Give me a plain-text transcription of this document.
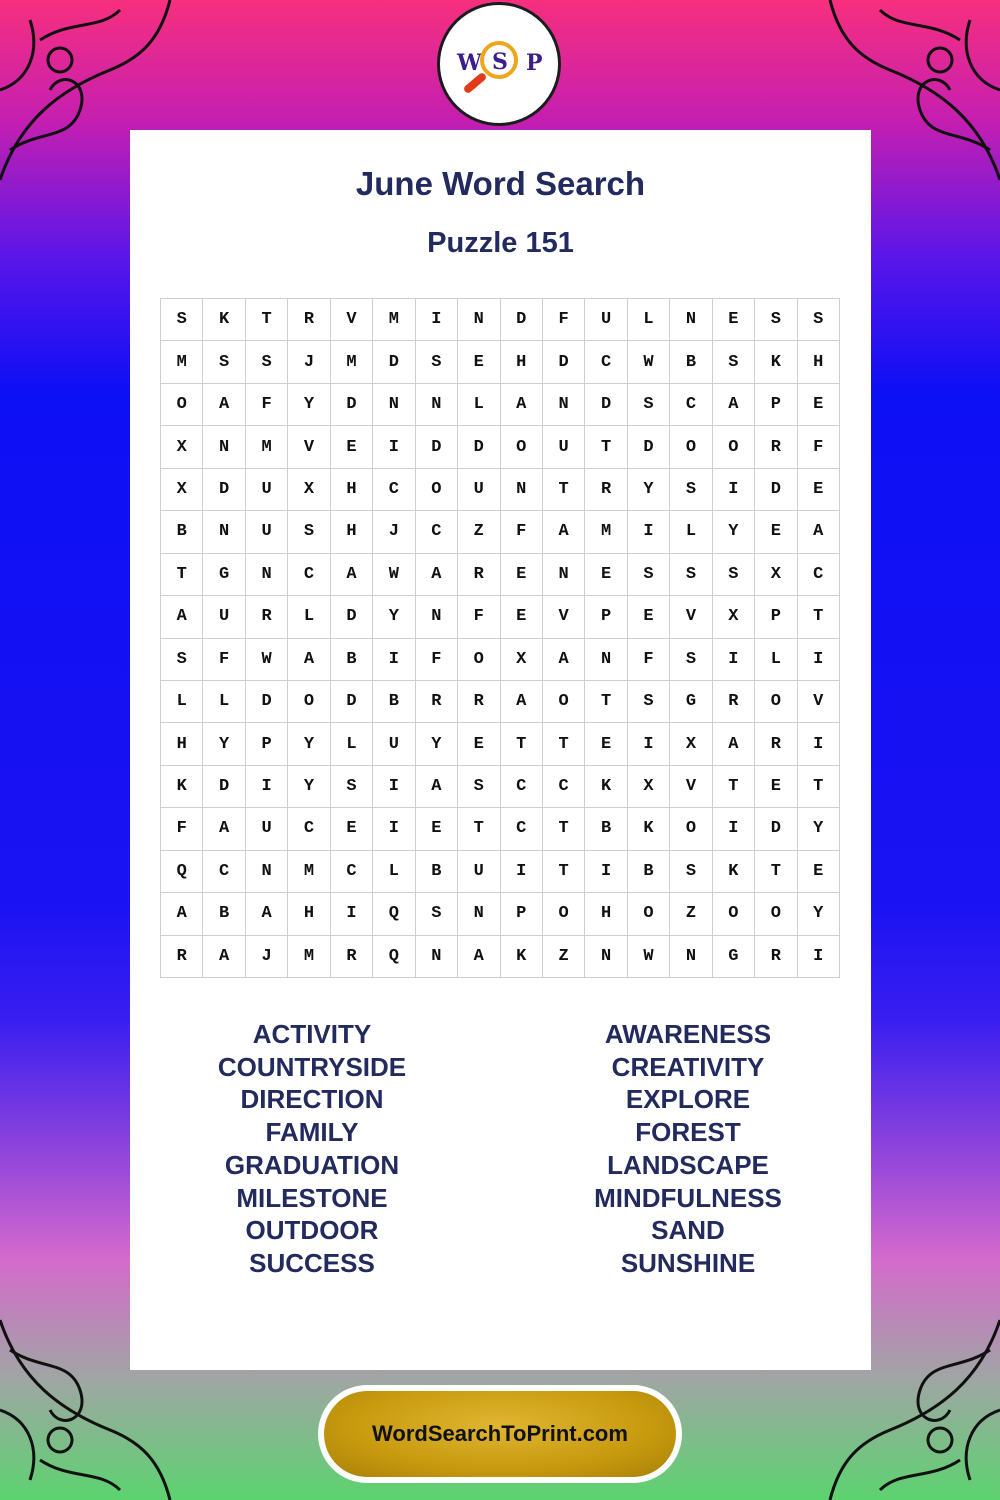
W S P
June Word Search
Puzzle 151
S	K	T	R	V	M	I	N	D	F	U	L	N	E	S	S
M	S	S	J	M	D	S	E	H	D	C	W	B	S	K	H
O	A	F	Y	D	N	N	L	A	N	D	S	C	A	P	E
X	N	M	V	E	I	D	D	O	U	T	D	O	O	R	F
X	D	U	X	H	C	O	U	N	T	R	Y	S	I	D	E
B	N	U	S	H	J	C	Z	F	A	M	I	L	Y	E	A
T	G	N	C	A	W	A	R	E	N	E	S	S	S	X	C
A	U	R	L	D	Y	N	F	E	V	P	E	V	X	P	T
S	F	W	A	B	I	F	O	X	A	N	F	S	I	L	I
L	L	D	O	D	B	R	R	A	O	T	S	G	R	O	V
H	Y	P	Y	L	U	Y	E	T	T	E	I	X	A	R	I
K	D	I	Y	S	I	A	S	C	C	K	X	V	T	E	T
F	A	U	C	E	I	E	T	C	T	B	K	O	I	D	Y
Q	C	N	M	C	L	B	U	I	T	I	B	S	K	T	E
A	B	A	H	I	Q	S	N	P	O	H	O	Z	O	O	Y
R	A	J	M	R	Q	N	A	K	Z	N	W	N	G	R	I
ACTIVITY
COUNTRYSIDE
DIRECTION
FAMILY
GRADUATION
MILESTONE
OUTDOOR
SUCCESS
AWARENESS
CREATIVITY
EXPLORE
FOREST
LANDSCAPE
MINDFULNESS
SAND
SUNSHINE
WordSearchToPrint.com
